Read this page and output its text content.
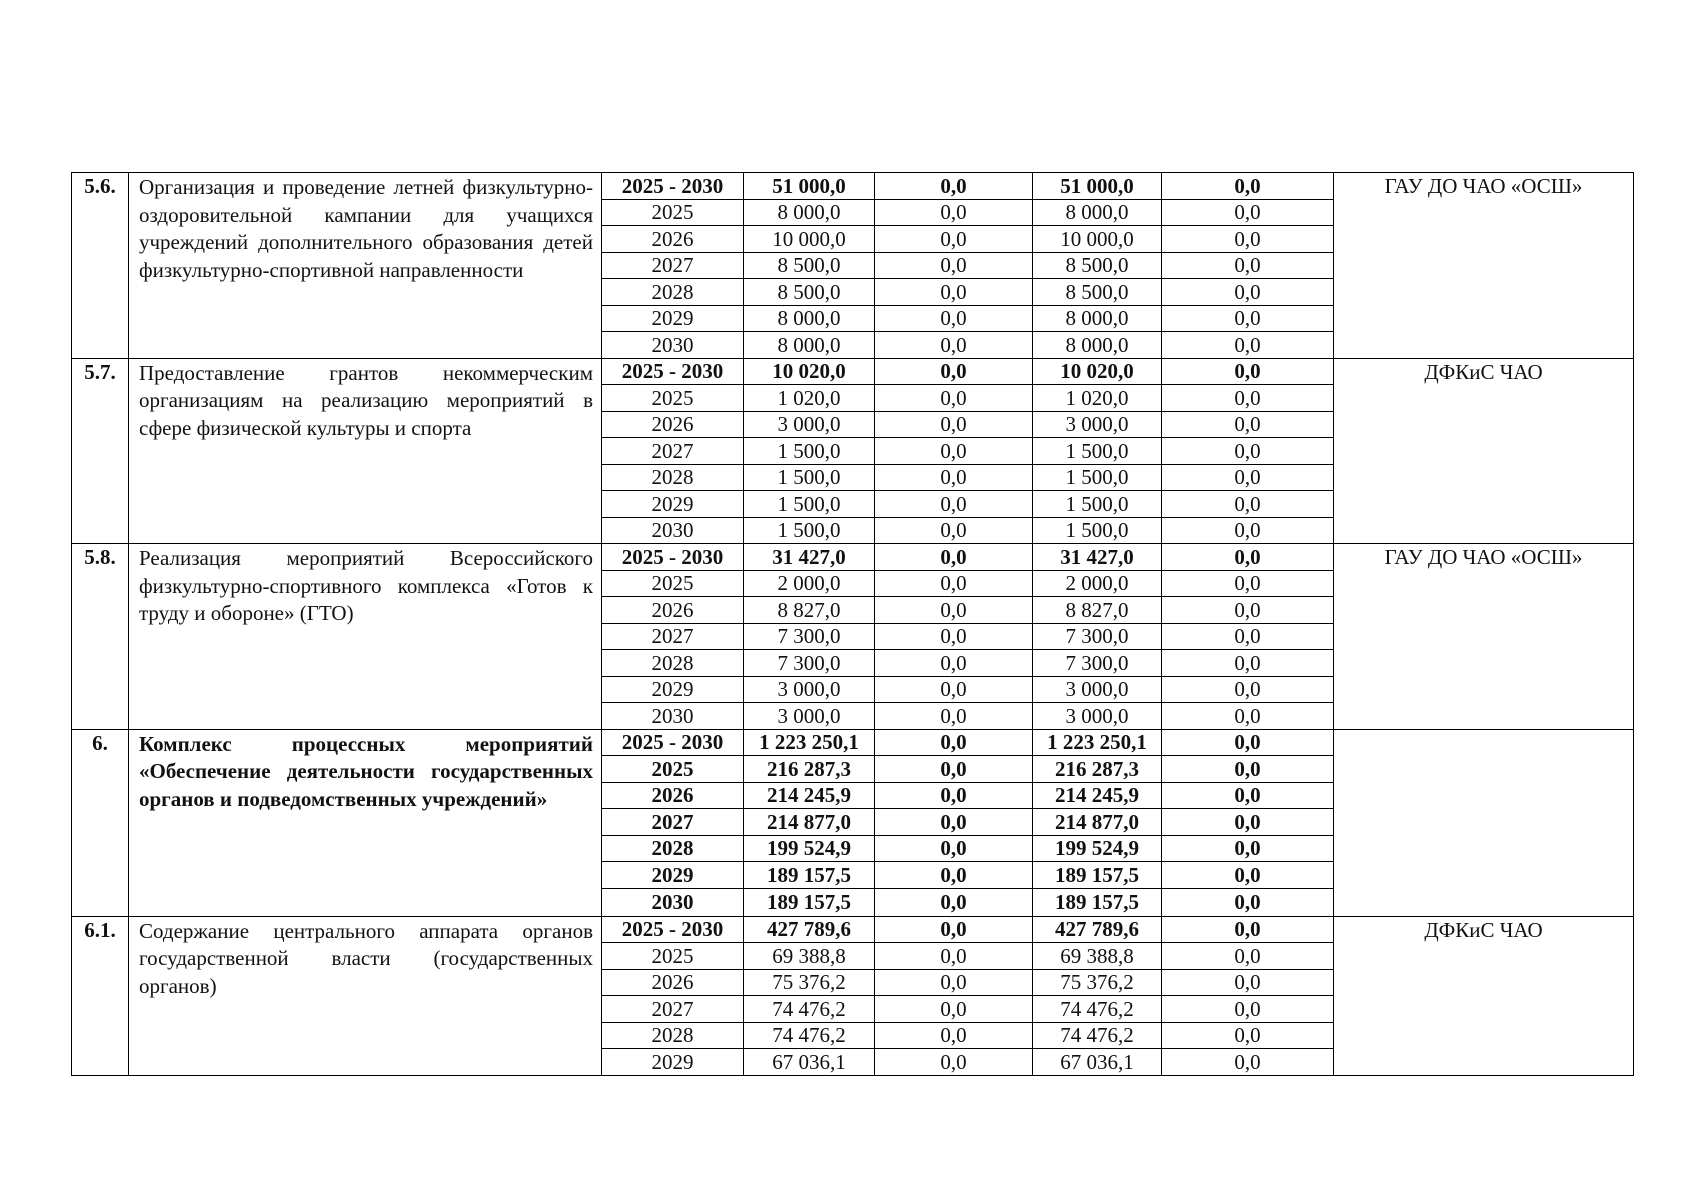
5.6.	Организация и проведение летней физкультурно-оздоровительной кампании для учащихся учреждений дополнительного образования детей физкультурно-спортивной направленности	2025 - 2030	51 000,0	0,0	51 000,0	0,0	ГАУ ДО ЧАО «ОСШ»
		2025	8 000,0	0,0	8 000,0	0,0	
		2026	10 000,0	0,0	10 000,0	0,0	
		2027	8 500,0	0,0	8 500,0	0,0	
		2028	8 500,0	0,0	8 500,0	0,0	
		2029	8 000,0	0,0	8 000,0	0,0	
		2030	8 000,0	0,0	8 000,0	0,0	
5.7.	Предоставление грантов некоммерческим организациям на реализацию мероприятий в сфере физической культуры и спорта	2025 - 2030	10 020,0	0,0	10 020,0	0,0	ДФКиС ЧАО
		2025	1 020,0	0,0	1 020,0	0,0	
		2026	3 000,0	0,0	3 000,0	0,0	
		2027	1 500,0	0,0	1 500,0	0,0	
		2028	1 500,0	0,0	1 500,0	0,0	
		2029	1 500,0	0,0	1 500,0	0,0	
		2030	1 500,0	0,0	1 500,0	0,0	
5.8.	Реализация мероприятий Всероссийского физкультурно-спортивного комплекса «Готов к труду и обороне» (ГТО)	2025 - 2030	31 427,0	0,0	31 427,0	0,0	ГАУ ДО ЧАО «ОСШ»
		2025	2 000,0	0,0	2 000,0	0,0	
		2026	8 827,0	0,0	8 827,0	0,0	
		2027	7 300,0	0,0	7 300,0	0,0	
		2028	7 300,0	0,0	7 300,0	0,0	
		2029	3 000,0	0,0	3 000,0	0,0	
		2030	3 000,0	0,0	3 000,0	0,0	
6.	Комплекс процессных мероприятий «Обеспечение деятельности государственных органов и подведомственных учреждений»	2025 - 2030	1 223 250,1	0,0	1 223 250,1	0,0	
		2025	216 287,3	0,0	216 287,3	0,0	
		2026	214 245,9	0,0	214 245,9	0,0	
		2027	214 877,0	0,0	214 877,0	0,0	
		2028	199 524,9	0,0	199 524,9	0,0	
		2029	189 157,5	0,0	189 157,5	0,0	
		2030	189 157,5	0,0	189 157,5	0,0	
6.1.	Содержание центрального аппарата органов государственной власти (государственных органов)	2025 - 2030	427 789,6	0,0	427 789,6	0,0	ДФКиС ЧАО
		2025	69 388,8	0,0	69 388,8	0,0	
		2026	75 376,2	0,0	75 376,2	0,0	
		2027	74 476,2	0,0	74 476,2	0,0	
		2028	74 476,2	0,0	74 476,2	0,0	
		2029	67 036,1	0,0	67 036,1	0,0	
